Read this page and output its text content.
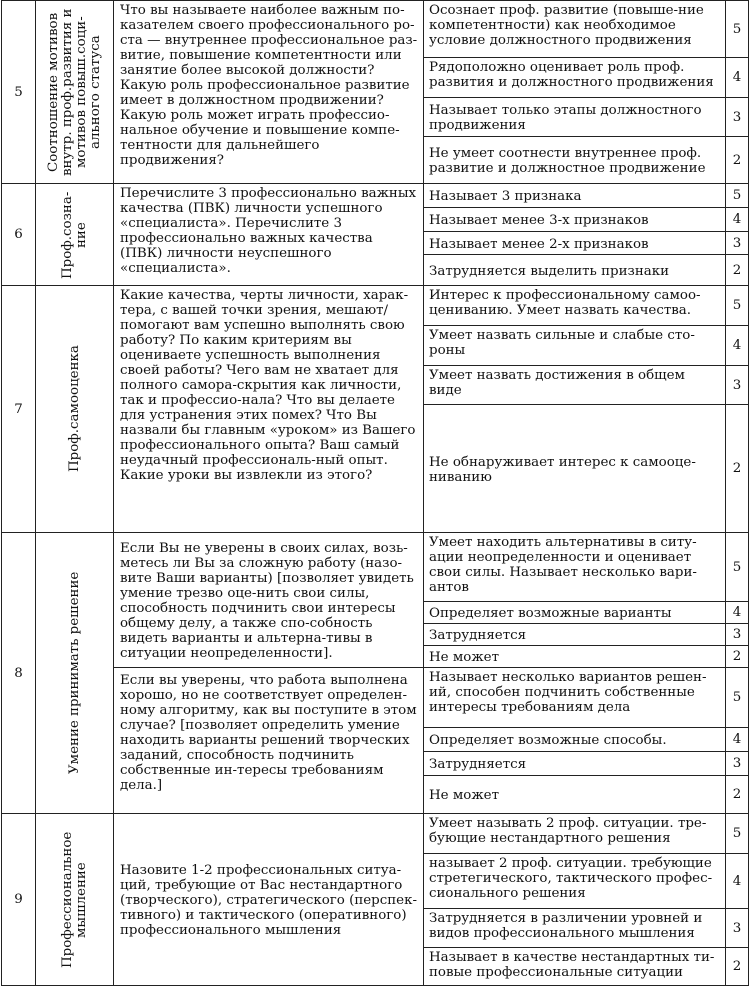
5	Соотношение мотивов внутр. проф.развития и мотивов повыш.соци-ального статуса	Что вы называете наиболее важным по-казателем своего профессионального ро-ста — внутреннее профессиональное раз-витие, повышение компетентности или занятие более высокой должности? Какую роль профессиональное развитие имеет в должностном продвижении? Какую роль может играть профессио-нальное обучение и повышение компе-тентности для дальнейшего продвижения?	Осознает проф. развитие (повыше-ние компетентности) как необходимое условие должностного продвижения	5
			Рядоположно оценивает роль проф. развития и должностного продвижения	4
			Называет только этапы должностного продвижения	3
			Не умеет соотнести внутреннее проф. развитие и должностное продвижение	2
6	Проф.созна-ние	Перечислите 3 профессионально важных качества (ПВК) личности успешного «специалиста». Перечислите 3 профессионально важных качества (ПВК) личности неуспешного «специалиста».	Называет 3 признака	5
			Называет менее 3-х признаков	4
			Называет менее 2-х признаков	3
			Затрудняется выделить признаки	2
7	Проф.самооценка	Какие качества, черты личности, харак-тера, с вашей точки зрения, мешают/ помогают вам успешно выполнять свою работу? По каким критериям вы оцениваете успешность выполнения своей работы? Чего вам не хватает для полного самора-скрытия как личности, так и профессио-нала? Что вы делаете для устранения этих помех? Что Вы назвали бы главным «уроком» из Вашего профессионального опыта? Ваш самый неудачный профессиональ-ный опыт. Какие уроки вы извлекли из этого?	Интерес к профессиональному самоо-цениванию. Умеет назвать качества.	5
			Умеет назвать сильные и слабые сто-роны	4
			Умеет назвать достижения в общем виде	3
			Не обнаруживает интерес к самооце-ниванию	2
8	Умение принимать решение	Если Вы не уверены в своих силах, возь-метесь ли Вы за сложную работу (назо-вите Ваши варианты) [позволяет увидеть умение трезво оце-нить свои силы, способность подчинить свои интересы общему делу, а также спо-собность видеть варианты и альтерна-тивы в ситуации неопределенности].	Умеет находить альтернативы в ситу-ации неопределенности и оценивает свои силы. Называет несколько вари-антов	5
			Определяет возможные варианты	4
			Затрудняется	3
			Не может	2

		Если вы уверены, что работа выполнена хорошо, но не соответствует определен-ному алгоритму, как вы поступите в этом случае? [позволяет определить умение находить варианты решений творческих заданий, способность подчинить собственные ин-тересы требованиям дела.]	Называет несколько вариантов решен-ий, способен подчинить собственные интересы требованиям дела	5
			Определяет возможные способы.	4
			Затрудняется	3
			Не может	2
9	Профессиональное мышление	Назовите 1-2 профессиональных ситуа-ций, требующие от Вас нестандартного (творческого), стратегического (перспек-тивного) и тактического (оперативного) профессионального мышления	Умеет называть 2 проф. ситуации. тре-бующие нестандартного решения	5
			называет 2 проф. ситуации. требующие стретегического, тактического профес-сионального решения	4
			Затрудняется в различении уровней и видов профессионального мышления	3
			Называет в качестве нестандартных ти-повые профессиональные ситуации	2
